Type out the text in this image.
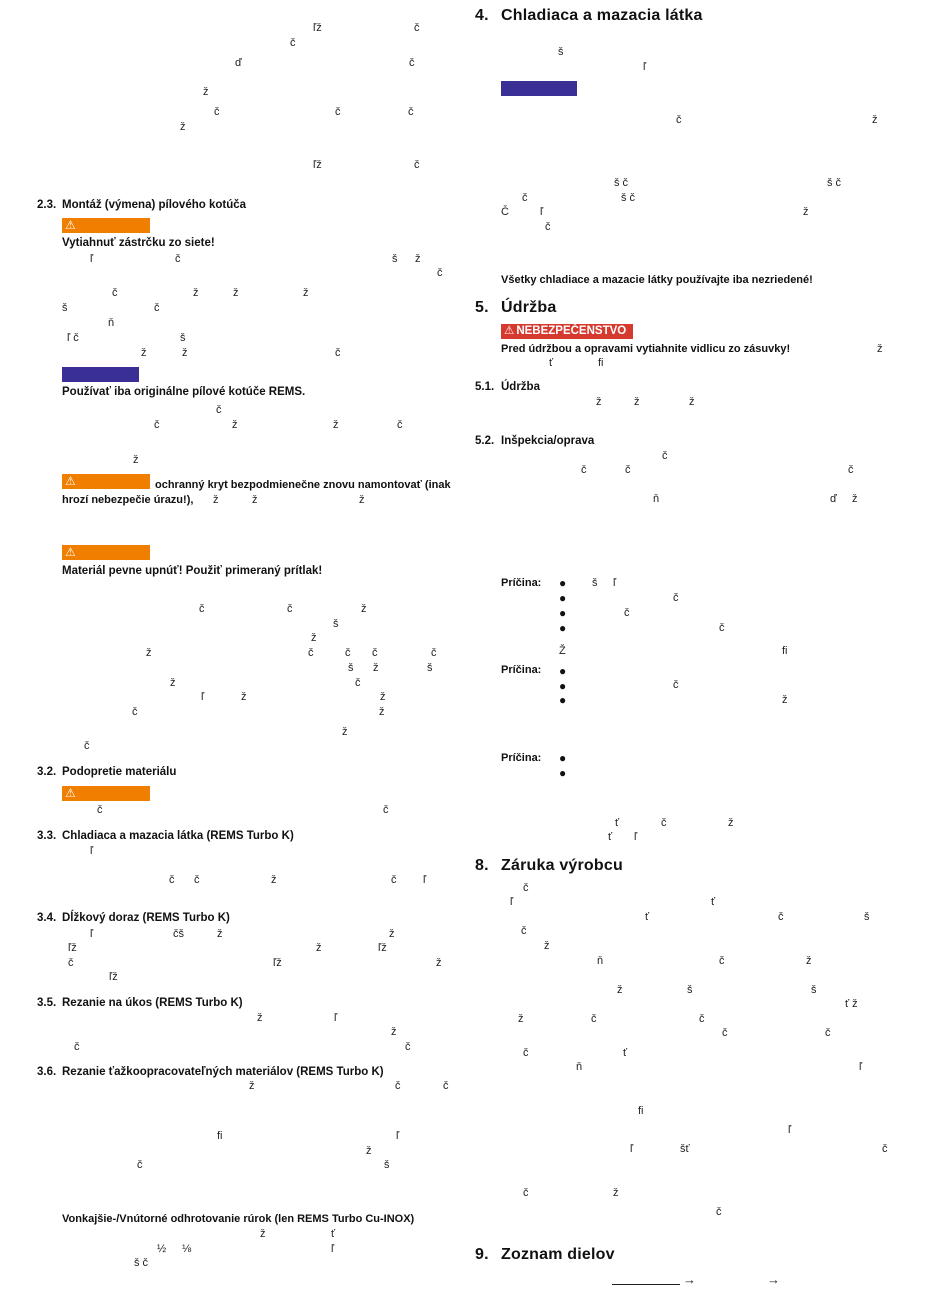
ľž	č
č
ď	č
ž
č	č	č
ž
ľž	č
2.3. Montáž (výmena) pílového kotúča
⚠
Vytiahnuť zástrčku zo siete!
ľ	č	š ž
č
č	ž	ž	ž
š	č
ň
ľ č	š
ž	ž	č
Používať iba originálne pílové kotúče REMS.
č
č	ž	ž	č
ž
⚠	ochranný kryt bezpodmienečne znovu namontovať (inak
hrozí nebezpečie úrazu!), ž	ž	ž
⚠
Materiál pevne upnúť! Použiť primeraný prítlak!
č	č	ž
š
ž
ž	č	č č	č
š ž	š
ž	č
ľ	ž	ž
č	ž
ž
č
3.2. Podopretie materiálu
⚠
č	č
3.3. Chladiaca a mazacia látka (REMS Turbo K)
ľ
č č	ž	č ľ
3.4. Dĺžkový doraz (REMS Turbo K)
ľ	čš	ž	ž
ľž	ž	ľž
č	ľž	ž
ľž
3.5. Rezanie na úkos (REMS Turbo K)
ž	ľ
ž
č	č
3.6. Rezanie ťažkoopracovateľných materiálov (REMS Turbo K)
ž	č	č
fi	ľ
ž
č	š
Vonkajšie-/Vnútorné odhrotovanie rúrok (len REMS Turbo Cu-INOX)
ž	ť
½ ⅛	ľ
š č
4. Chladiaca a mazacia látka
š
ľ
č	ž
š č	š č
č	š č
Č	ľ	ž
č
Všetky chladiace a mazacie látky používajte iba nezriedené!
5. Údržba
⚠ NEBEZPEČENSTVO
Pred údržbou a opravami vytiahnite vidlicu zo zásuvky!	ž
ť	fi
5.1. Údržba
ž	ž	ž
5.2. Inšpekcia/oprava
č
č	č	č
ň	ď ž
Príčina: ● š ľ
●	č
●	č
●	č
Ž	fi
Príčina: ●
●	č
●	ž
Príčina: ●
●
ť	č	ž
ť ľ
8. Záruka výrobcu
č
ľ	ť
ť	č	š
č
ž
ň	č	ž
ž	š	š
ť ž
ž	č	č
č	č
č	ť
ň	ľ
fi
ľ
ľ	šť	č
č	ž
č
9. Zoznam dielov
→	→
